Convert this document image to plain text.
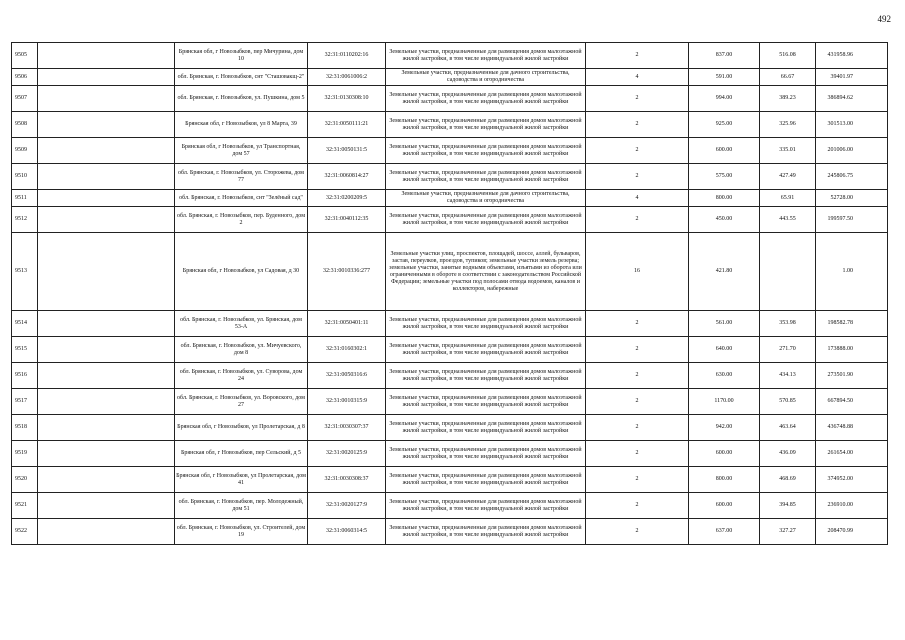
492
9505		Брянская обл, г Новозыбков, пер Мичурина, дом 10	32:31:0110202:16	Земельные участки, предназначенные для размещения домов малоэтажной жилой застройки, в том числе индивидуальной жилой застройки	2	837.00	516.08	431958.96
9506		обл. Брянская, г. Новозыбков, снт "Сташовакщ-2"	32:31:0061006:2	Земельные участки, предназначенные для дачного строительства, садоводства и огородничества	4	591.00	66.67	39401.97
9507		обл. Брянская, г. Новозыбков, ул. Пушкина, дом 5	32:31:0130308:10	Земельные участки, предназначенные для размещения домов малоэтажной жилой застройки, в том числе индивидуальной жилой застройки	2	994.00	389.23	386894.62
9508		Брянская обл, г Новозыбков, ул 8 Марта, 39	32:31:0050111:21	Земельные участки, предназначенные для размещения домов малоэтажной жилой застройки, в том числе индивидуальной жилой застройки	2	925.00	325.96	301513.00
9509		Брянская обл, г Новозыбков, ул Транспортная, дом 57	32:31:0050131:5	Земельные участки, предназначенные для размещения домов малоэтажной жилой застройки, в том числе индивидуальной жилой застройки	2	600.00	335.01	201006.00
9510		обл. Брянская, г. Новозыбков, ул. Сторожева, дом 77	32:31:0060814:27	Земельные участки, предназначенные для размещения домов малоэтажной жилой застройки, в том числе индивидуальной жилой застройки	2	575.00	427.49	245806.75
9511		обл. Брянская, г. Новозыбков, снт "Зелёный сад"	32:31:0200209:5	Земельные участки, предназначенные для дачного строительства, садоводства и огородничества	4	800.00	65.91	52728.00
9512		обл. Брянская, г. Новозыбков, пер. Буденного, дом 2	32:31:0040112:35	Земельные участки, предназначенные для размещения домов малоэтажной жилой застройки, в том числе индивидуальной жилой застройки	2	450.00	443.55	199597.50
9513		Брянская обл, г Новозыбков, ул Садовая, д 30	32:31:0010336:277	Земельные участки улиц, проспектов, площадей, шоссе, аллей, бульваров, застав, переулков, проездов, тупиков; земельные участки земель резерва; земельные участки, занятые водными объектами, изъятыми из оборота или ограниченными в обороте в соответствии с законодательством Российской Федерации; земельные участки под полосами отвода водоемов, каналов и коллекторов, набережные	16	421.80		1.00
9514		обл. Брянская, г. Новозыбков, ул. Брянская, дом 53-А	32:31:0050401:11	Земельные участки, предназначенные для размещения домов малоэтажной жилой застройки, в том числе индивидуальной жилой застройки	2	561.00	353.98	198582.78
9515		обл. Брянская, г. Новозыбков, ул. Мичуевского, дом 8	32:31:0160302:1	Земельные участки, предназначенные для размещения домов малоэтажной жилой застройки, в том числе индивидуальной жилой застройки	2	640.00	271.70	173888.00
9516		обл. Брянская, г. Новозыбков, ул. Суворова, дом 24	32:31:0050316:6	Земельные участки, предназначенные для размещения домов малоэтажной жилой застройки, в том числе индивидуальной жилой застройки	2	630.00	434.13	273501.90
9517		обл. Брянская, г. Новозыбков, ул. Воровского, дом 27	32:31:0010315:9	Земельные участки, предназначенные для размещения домов малоэтажной жилой застройки, в том числе индивидуальной жилой застройки	2	1170.00	570.85	667894.50
9518		Брянская обл, г Новозыбков, ул Пролетарская, д 8	32:31:0030307:37	Земельные участки, предназначенные для размещения домов малоэтажной жилой застройки, в том числе индивидуальной жилой застройки	2	942.00	463.64	436748.88
9519		Брянская обл, г Новозыбков, пер Сельский, д 5	32:31:0020125:9	Земельные участки, предназначенные для размещения домов малоэтажной жилой застройки, в том числе индивидуальной жилой застройки	2	600.00	436.09	261654.00
9520		Брянская обл, г Новозыбков, ул Пролетарская, дом 41	32:31:0030308:37	Земельные участки, предназначенные для размещения домов малоэтажной жилой застройки, в том числе индивидуальной жилой застройки	2	800.00	468.69	374952.00
9521		обл. Брянская, г. Новозыбков, пер. Молодежный, дом 51	32:31:0020127:9	Земельные участки, предназначенные для размещения домов малоэтажной жилой застройки, в том числе индивидуальной жилой застройки	2	600.00	394.85	236910.00
9522		обл. Брянская, г. Новозыбков, ул. Строителей, дом 19	32:31:0060314:5	Земельные участки, предназначенные для размещения домов малоэтажной жилой застройки, в том числе индивидуальной жилой застройки	2	637.00	327.27	208470.99
